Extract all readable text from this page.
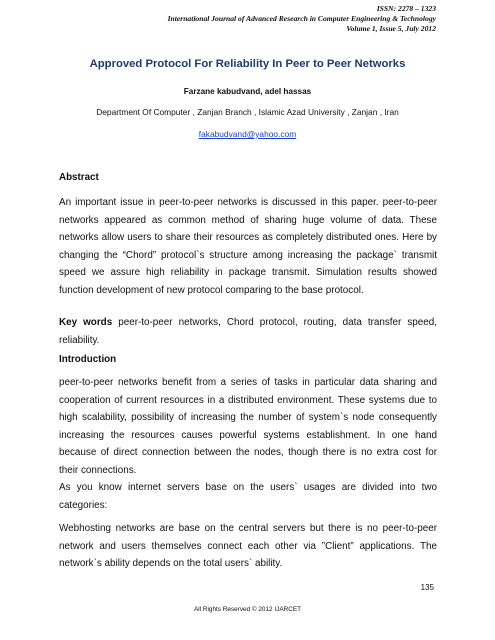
ISSN: 2278 – 1323
International Journal of Advanced Research in Computer Engineering & Technology
Volume 1, Issue 5, July 2012
Approved Protocol For Reliability In Peer to Peer Networks
Farzane kabudvand, adel hassas
Department Of Computer , Zanjan Branch , Islamic Azad University , Zanjan , Iran
fakabudvand@yahoo.com
Abstract
An important issue in peer-to-peer networks is discussed in this paper. peer-to-peer networks appeared as common method of sharing huge volume of data. These networks allow users to share their resources as completely distributed ones. Here by changing the “Chord” protocol`s structure among increasing the package` transmit speed we assure high reliability in package transmit. Simulation results showed function development of new protocol comparing to the base protocol.
Key words peer-to-peer networks, Chord protocol, routing, data transfer speed, reliability.
Introduction
peer-to-peer networks benefit from a series of tasks in particular data sharing and cooperation of current resources in a distributed environment. These systems due to high scalability, possibility of increasing the number of system`s node consequently increasing the resources causes powerful systems establishment. In one hand because of direct connection between the nodes, though there is no extra cost for their connections.
As you know internet servers base on the users` usages are divided into two categories:
Webhosting networks are base on the central servers but there is no peer-to-peer network and users themselves connect each other via ”Client” applications. The network`s ability depends on the total users` ability.
135
All Rights Reserved © 2012 IJARCET
